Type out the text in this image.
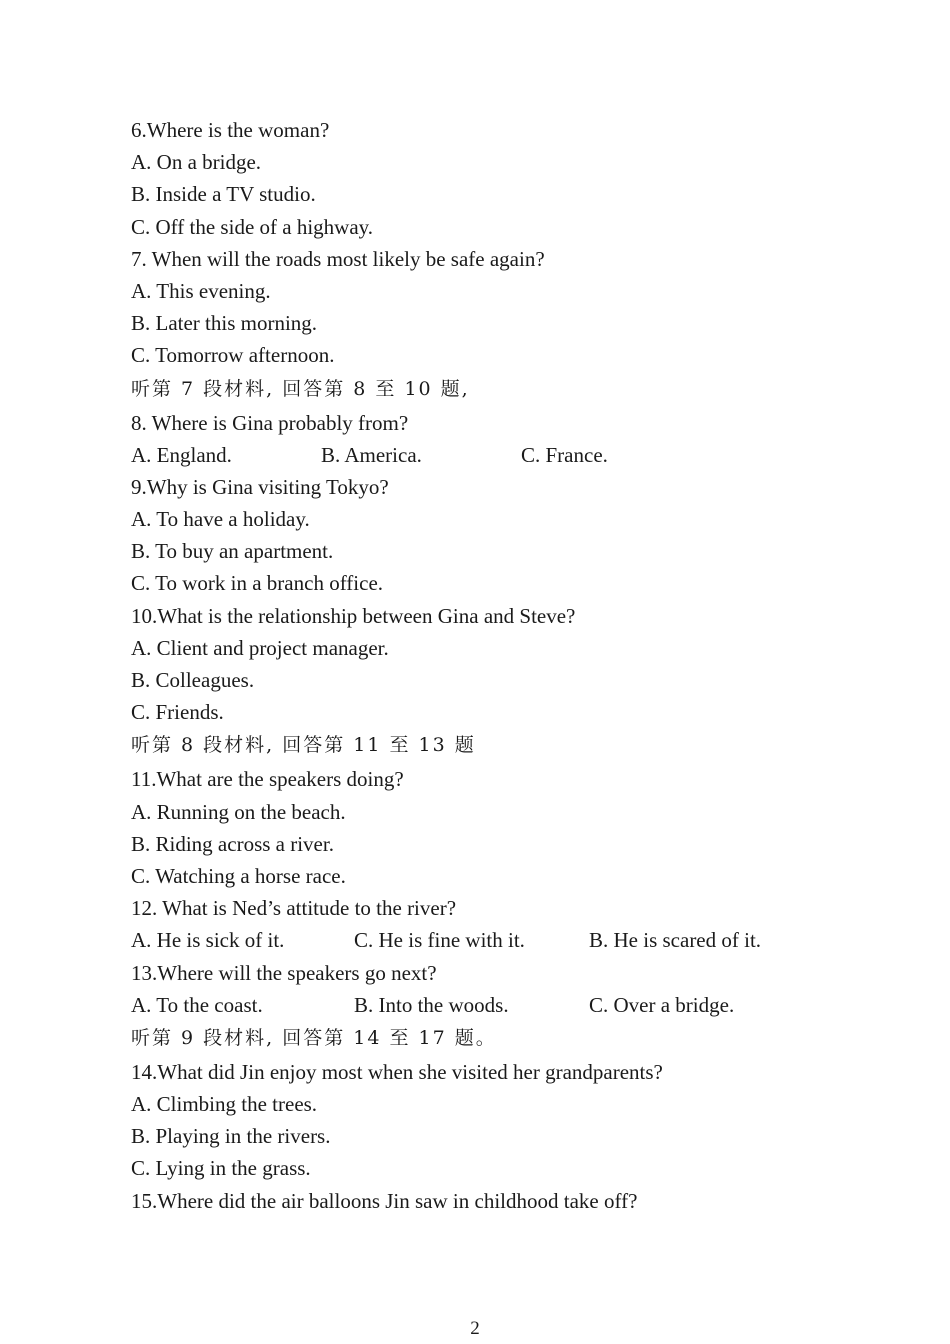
6.Where is the woman?
A. On a bridge.
B. Inside a TV studio.
C. Off the side of a highway.
7. When will the roads most likely be safe again?
A. This evening.
B. Later this morning.
C. Tomorrow afternoon.
听第 7 段材料, 回答第 8 至 10 题,
8. Where is Gina probably from?
A. England.	B. America.	C. France.
9.Why is Gina visiting Tokyo?
A. To have a holiday.
B. To buy an apartment.
C. To work in a branch office.
10.What is the relationship between Gina and Steve?
A. Client and project manager.
B. Colleagues.
C. Friends.
听第 8 段材料, 回答第 11 至 13 题
11.What are the speakers doing?
A. Running on the beach.
B. Riding across a river.
C. Watching a horse race.
12. What is Ned’s attitude to the river?
A. He is sick of it.	C. He is fine with it.	B. He is scared of it.
13.Where will the speakers go next?
A. To the coast.	B. Into the woods.	C. Over a bridge.
听第 9 段材料, 回答第 14 至 17 题。
14.What did Jin enjoy most when she visited her grandparents?
A. Climbing the trees.
B. Playing in the rivers.
C. Lying in the grass.
15.Where did the air balloons Jin saw in childhood take off?
2
